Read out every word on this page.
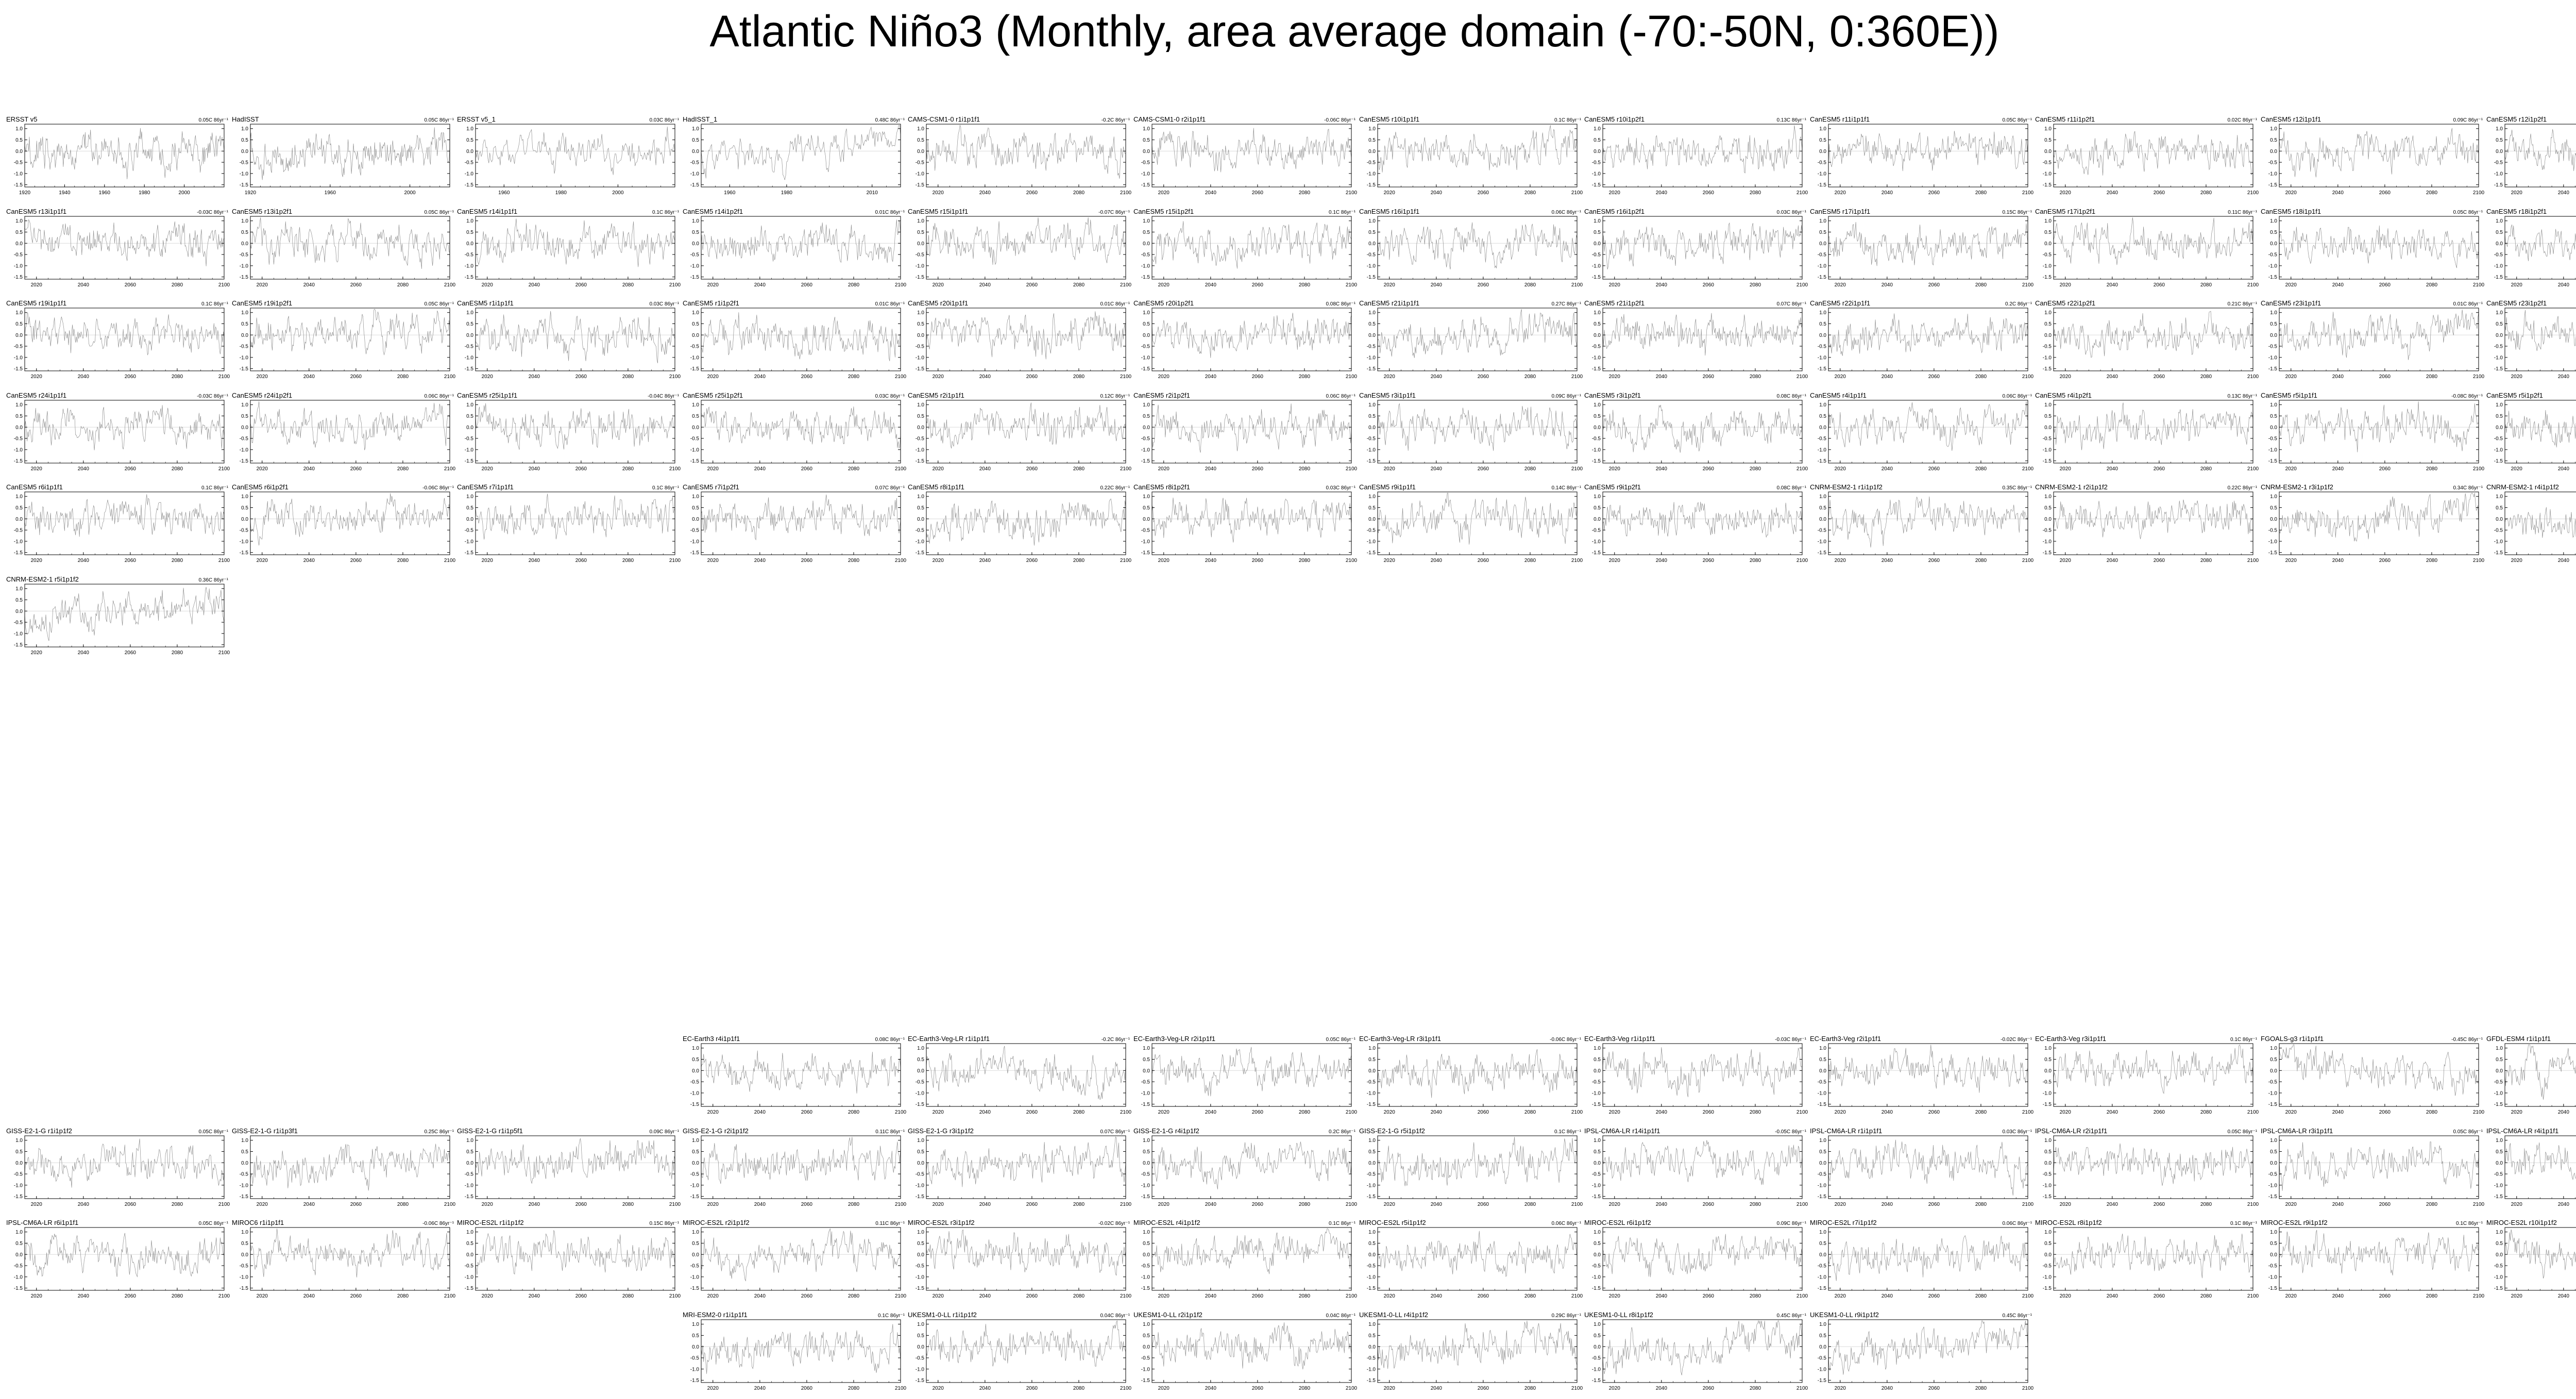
Atlantic Niño3 (Monthly, area average domain (-70:-50N, 0:360E))
ERSST v5	0.05C 86yr⁻¹
1.0
0.5
0.0
-0.5
-1.0
-1.5
1920	1940	1960	1980	2000
HadISST	0.05C 86yr⁻¹
1.0
0.5
0.0
-0.5
-1.0
-1.5
1920	1960	2000
ERSST v5_1	0.03C 86yr⁻¹
1.0
0.5
0.0
-0.5
-1.0
-1.5
1960	1980	2000
HadISST_1	0.48C 86yr⁻¹
1.0
0.5
0.0
-0.5
-1.0
-1.5
1960	1980	2010
CAMS-CSM1-0 r1i1p1f1	-0.2C 86yr⁻¹
1.0
0.5
0.0
-0.5
-1.0
-1.5
2020	2040	2060	2080	2100
CAMS-CSM1-0 r2i1p1f1	-0.06C 86yr⁻¹
1.0
0.5
0.0
-0.5
-1.0
-1.5
2020	2040	2060	2080	2100
CanESM5 r10i1p1f1	0.1C 86yr⁻¹
1.0
0.5
0.0
-0.5
-1.0
-1.5
2020	2040	2060	2080	2100
CanESM5 r10i1p2f1	0.13C 86yr⁻¹
1.0
0.5
0.0
-0.5
-1.0
-1.5
2020	2040	2060	2080	2100
CanESM5 r11i1p1f1	0.05C 86yr⁻¹
1.0
0.5
0.0
-0.5
-1.0
-1.5
2020	2040	2060	2080	2100
CanESM5 r11i1p2f1	0.02C 86yr⁻¹
1.0
0.5
0.0
-0.5
-1.0
-1.5
2020	2040	2060	2080	2100
CanESM5 r12i1p1f1	0.09C 86yr⁻¹
1.0
0.5
0.0
-0.5
-1.0
-1.5
2020	2040	2060	2080	2100
CanESM5 r12i1p2f1
1.0
0.5
0.0
-0.5
-1.0
-1.5
2020	2040
CanESM5 r13i1p1f1	-0.03C 86yr⁻¹
1.0
0.5
0.0
-0.5
-1.0
-1.5
2020	2040	2060	2080	2100
CanESM5 r13i1p2f1	0.05C 86yr⁻¹
1.0
0.5
0.0
-0.5
-1.0
-1.5
2020	2040	2060	2080	2100
CanESM5 r14i1p1f1	0.1C 86yr⁻¹
1.0
0.5
0.0
-0.5
-1.0
-1.5
2020	2040	2060	2080	2100
CanESM5 r14i1p2f1	0.01C 86yr⁻¹
1.0
0.5
0.0
-0.5
-1.0
-1.5
2020	2040	2060	2080	2100
CanESM5 r15i1p1f1	-0.07C 86yr⁻¹
1.0
0.5
0.0
-0.5
-1.0
-1.5
2020	2040	2060	2080	2100
CanESM5 r15i1p2f1	0.1C 86yr⁻¹
1.0
0.5
0.0
-0.5
-1.0
-1.5
2020	2040	2060	2080	2100
CanESM5 r16i1p1f1	0.06C 86yr⁻¹
1.0
0.5
0.0
-0.5
-1.0
-1.5
2020	2040	2060	2080	2100
CanESM5 r16i1p2f1	0.03C 86yr⁻¹
1.0
0.5
0.0
-0.5
-1.0
-1.5
2020	2040	2060	2080	2100
CanESM5 r17i1p1f1	0.15C 86yr⁻¹
1.0
0.5
0.0
-0.5
-1.0
-1.5
2020	2040	2060	2080	2100
CanESM5 r17i1p2f1	0.11C 86yr⁻¹
1.0
0.5
0.0
-0.5
-1.0
-1.5
2020	2040	2060	2080	2100
CanESM5 r18i1p1f1	0.05C 86yr⁻¹
1.0
0.5
0.0
-0.5
-1.0
-1.5
2020	2040	2060	2080	2100
CanESM5 r18i1p2f1
1.0
0.5
0.0
-0.5
-1.0
-1.5
2020	2040
CanESM5 r19i1p1f1	0.1C 86yr⁻¹
1.0
0.5
0.0
-0.5
-1.0
-1.5
2020	2040	2060	2080	2100
CanESM5 r19i1p2f1	0.05C 86yr⁻¹
1.0
0.5
0.0
-0.5
-1.0
-1.5
2020	2040	2060	2080	2100
CanESM5 r1i1p1f1	0.03C 86yr⁻¹
1.0
0.5
0.0
-0.5
-1.0
-1.5
2020	2040	2060	2080	2100
CanESM5 r1i1p2f1	0.01C 86yr⁻¹
1.0
0.5
0.0
-0.5
-1.0
-1.5
2020	2040	2060	2080	2100
CanESM5 r20i1p1f1	0.01C 86yr⁻¹
1.0
0.5
0.0
-0.5
-1.0
-1.5
2020	2040	2060	2080	2100
CanESM5 r20i1p2f1	0.08C 86yr⁻¹
1.0
0.5
0.0
-0.5
-1.0
-1.5
2020	2040	2060	2080	2100
CanESM5 r21i1p1f1	0.27C 86yr⁻¹
1.0
0.5
0.0
-0.5
-1.0
-1.5
2020	2040	2060	2080	2100
CanESM5 r21i1p2f1	0.07C 86yr⁻¹
1.0
0.5
0.0
-0.5
-1.0
-1.5
2020	2040	2060	2080	2100
CanESM5 r22i1p1f1	0.2C 86yr⁻¹
1.0
0.5
0.0
-0.5
-1.0
-1.5
2020	2040	2060	2080	2100
CanESM5 r22i1p2f1	0.21C 86yr⁻¹
1.0
0.5
0.0
-0.5
-1.0
-1.5
2020	2040	2060	2080	2100
CanESM5 r23i1p1f1	0.01C 86yr⁻¹
1.0
0.5
0.0
-0.5
-1.0
-1.5
2020	2040	2060	2080	2100
CanESM5 r23i1p2f1
1.0
0.5
0.0
-0.5
-1.0
-1.5
2020	2040
CanESM5 r24i1p1f1	-0.03C 86yr⁻¹
1.0
0.5
0.0
-0.5
-1.0
-1.5
2020	2040	2060	2080	2100
CanESM5 r24i1p2f1	0.06C 86yr⁻¹
1.0
0.5
0.0
-0.5
-1.0
-1.5
2020	2040	2060	2080	2100
CanESM5 r25i1p1f1	-0.04C 86yr⁻¹
1.0
0.5
0.0
-0.5
-1.0
-1.5
2020	2040	2060	2080	2100
CanESM5 r25i1p2f1	0.03C 86yr⁻¹
1.0
0.5
0.0
-0.5
-1.0
-1.5
2020	2040	2060	2080	2100
CanESM5 r2i1p1f1	0.12C 86yr⁻¹
1.0
0.5
0.0
-0.5
-1.0
-1.5
2020	2040	2060	2080	2100
CanESM5 r2i1p2f1	0.06C 86yr⁻¹
1.0
0.5
0.0
-0.5
-1.0
-1.5
2020	2040	2060	2080	2100
CanESM5 r3i1p1f1	0.09C 86yr⁻¹
1.0
0.5
0.0
-0.5
-1.0
-1.5
2020	2040	2060	2080	2100
CanESM5 r3i1p2f1	0.08C 86yr⁻¹
1.0
0.5
0.0
-0.5
-1.0
-1.5
2020	2040	2060	2080	2100
CanESM5 r4i1p1f1	0.06C 86yr⁻¹
1.0
0.5
0.0
-0.5
-1.0
-1.5
2020	2040	2060	2080	2100
CanESM5 r4i1p2f1	0.13C 86yr⁻¹
1.0
0.5
0.0
-0.5
-1.0
-1.5
2020	2040	2060	2080	2100
CanESM5 r5i1p1f1	-0.08C 86yr⁻¹
1.0
0.5
0.0
-0.5
-1.0
-1.5
2020	2040	2060	2080	2100
CanESM5 r5i1p2f1
1.0
0.5
0.0
-0.5
-1.0
-1.5
2020	2040
CanESM5 r6i1p1f1	0.1C 86yr⁻¹
1.0
0.5
0.0
-0.5
-1.0
-1.5
2020	2040	2060	2080	2100
CanESM5 r6i1p2f1	-0.06C 86yr⁻¹
1.0
0.5
0.0
-0.5
-1.0
-1.5
2020	2040	2060	2080	2100
CanESM5 r7i1p1f1	0.1C 86yr⁻¹
1.0
0.5
0.0
-0.5
-1.0
-1.5
2020	2040	2060	2080	2100
CanESM5 r7i1p2f1	0.07C 86yr⁻¹
1.0
0.5
0.0
-0.5
-1.0
-1.5
2020	2040	2060	2080	2100
CanESM5 r8i1p1f1	0.22C 86yr⁻¹
1.0
0.5
0.0
-0.5
-1.0
-1.5
2020	2040	2060	2080	2100
CanESM5 r8i1p2f1	0.03C 86yr⁻¹
1.0
0.5
0.0
-0.5
-1.0
-1.5
2020	2040	2060	2080	2100
CanESM5 r9i1p1f1	0.14C 86yr⁻¹
1.0
0.5
0.0
-0.5
-1.0
-1.5
2020	2040	2060	2080	2100
CanESM5 r9i1p2f1	0.08C 86yr⁻¹
1.0
0.5
0.0
-0.5
-1.0
-1.5
2020	2040	2060	2080	2100
CNRM-ESM2-1 r1i1p1f2	0.35C 86yr⁻¹
1.0
0.5
0.0
-0.5
-1.0
-1.5
2020	2040	2060	2080	2100
CNRM-ESM2-1 r2i1p1f2	0.22C 86yr⁻¹
1.0
0.5
0.0
-0.5
-1.0
-1.5
2020	2040	2060	2080	2100
CNRM-ESM2-1 r3i1p1f2	0.34C 86yr⁻¹
1.0
0.5
0.0
-0.5
-1.0
-1.5
2020	2040	2060	2080	2100
CNRM-ESM2-1 r4i1p1f2
1.0
0.5
0.0
-0.5
-1.0
-1.5
2020	2040
CNRM-ESM2-1 r5i1p1f2	0.36C 86yr⁻¹
1.0
0.5
0.0
-0.5
-1.0
-1.5
2020	2040	2060	2080	2100
EC-Earth3 r4i1p1f1	0.08C 86yr⁻¹
1.0
0.5
0.0
-0.5
-1.0
-1.5
2020	2040	2060	2080	2100
EC-Earth3-Veg-LR r1i1p1f1	-0.2C 86yr⁻¹
1.0
0.5
0.0
-0.5
-1.0
-1.5
2020	2040	2060	2080	2100
EC-Earth3-Veg-LR r2i1p1f1	0.05C 86yr⁻¹
1.0
0.5
0.0
-0.5
-1.0
-1.5
2020	2040	2060	2080	2100
EC-Earth3-Veg-LR r3i1p1f1	-0.06C 86yr⁻¹
1.0
0.5
0.0
-0.5
-1.0
-1.5
2020	2040	2060	2080	2100
EC-Earth3-Veg r1i1p1f1	-0.03C 86yr⁻¹
1.0
0.5
0.0
-0.5
-1.0
-1.5
2020	2040	2060	2080	2100
EC-Earth3-Veg r2i1p1f1	-0.02C 86yr⁻¹
1.0
0.5
0.0
-0.5
-1.0
-1.5
2020	2040	2060	2080	2100
EC-Earth3-Veg r3i1p1f1	0.1C 86yr⁻¹
1.0
0.5
0.0
-0.5
-1.0
-1.5
2020	2040	2060	2080	2100
FGOALS-g3 r1i1p1f1	-0.45C 86yr⁻¹
1.0
0.5
0.0
-0.5
-1.0
-1.5
2020	2040	2060	2080	2100
GFDL-ESM4 r1i1p1f1
1.0
0.5
0.0
-0.5
-1.0
-1.5
2020	2040
GISS-E2-1-G r1i1p1f2	0.05C 86yr⁻¹
1.0
0.5
0.0
-0.5
-1.0
-1.5
2020	2040	2060	2080	2100
GISS-E2-1-G r1i1p3f1	0.25C 86yr⁻¹
1.0
0.5
0.0
-0.5
-1.0
-1.5
2020	2040	2060	2080	2100
GISS-E2-1-G r1i1p5f1	0.09C 86yr⁻¹
1.0
0.5
0.0
-0.5
-1.0
-1.5
2020	2040	2060	2080	2100
GISS-E2-1-G r2i1p1f2	0.11C 86yr⁻¹
1.0
0.5
0.0
-0.5
-1.0
-1.5
2020	2040	2060	2080	2100
GISS-E2-1-G r3i1p1f2	0.07C 86yr⁻¹
1.0
0.5
0.0
-0.5
-1.0
-1.5
2020	2040	2060	2080	2100
GISS-E2-1-G r4i1p1f2	0.2C 86yr⁻¹
1.0
0.5
0.0
-0.5
-1.0
-1.5
2020	2040	2060	2080	2100
GISS-E2-1-G r5i1p1f2	0.1C 86yr⁻¹
1.0
0.5
0.0
-0.5
-1.0
-1.5
2020	2040	2060	2080	2100
IPSL-CM6A-LR r14i1p1f1	-0.05C 86yr⁻¹
1.0
0.5
0.0
-0.5
-1.0
-1.5
2020	2040	2060	2080	2100
IPSL-CM6A-LR r1i1p1f1	0.03C 86yr⁻¹
1.0
0.5
0.0
-0.5
-1.0
-1.5
2020	2040	2060	2080	2100
IPSL-CM6A-LR r2i1p1f1	0.05C 86yr⁻¹
1.0
0.5
0.0
-0.5
-1.0
-1.5
2020	2040	2060	2080	2100
IPSL-CM6A-LR r3i1p1f1	0.05C 86yr⁻¹
1.0
0.5
0.0
-0.5
-1.0
-1.5
2020	2040	2060	2080	2100
IPSL-CM6A-LR r4i1p1f1
1.0
0.5
0.0
-0.5
-1.0
-1.5
2020	2040
IPSL-CM6A-LR r6i1p1f1	0.05C 86yr⁻¹
1.0
0.5
0.0
-0.5
-1.0
-1.5
2020	2040	2060	2080	2100
MIROC6 r1i1p1f1	-0.06C 86yr⁻¹
1.0
0.5
0.0
-0.5
-1.0
-1.5
2020	2040	2060	2080	2100
MIROC-ES2L r1i1p1f2	0.15C 86yr⁻¹
1.0
0.5
0.0
-0.5
-1.0
-1.5
2020	2040	2060	2080	2100
MIROC-ES2L r2i1p1f2	0.11C 86yr⁻¹
1.0
0.5
0.0
-0.5
-1.0
-1.5
2020	2040	2060	2080	2100
MIROC-ES2L r3i1p1f2	-0.02C 86yr⁻¹
1.0
0.5
0.0
-0.5
-1.0
-1.5
2020	2040	2060	2080	2100
MIROC-ES2L r4i1p1f2	0.1C 86yr⁻¹
1.0
0.5
0.0
-0.5
-1.0
-1.5
2020	2040	2060	2080	2100
MIROC-ES2L r5i1p1f2	0.06C 86yr⁻¹
1.0
0.5
0.0
-0.5
-1.0
-1.5
2020	2040	2060	2080	2100
MIROC-ES2L r6i1p1f2	0.09C 86yr⁻¹
1.0
0.5
0.0
-0.5
-1.0
-1.5
2020	2040	2060	2080	2100
MIROC-ES2L r7i1p1f2	0.06C 86yr⁻¹
1.0
0.5
0.0
-0.5
-1.0
-1.5
2020	2040	2060	2080	2100
MIROC-ES2L r8i1p1f2	0.1C 86yr⁻¹
1.0
0.5
0.0
-0.5
-1.0
-1.5
2020	2040	2060	2080	2100
MIROC-ES2L r9i1p1f2	0.1C 86yr⁻¹
1.0
0.5
0.0
-0.5
-1.0
-1.5
2020	2040	2060	2080	2100
MIROC-ES2L r10i1p1f2
1.0
0.5
0.0
-0.5
-1.0
-1.5
2020	2040
MRI-ESM2-0 r1i1p1f1	0.1C 86yr⁻¹
1.0
0.5
0.0
-0.5
-1.0
-1.5
2020	2040	2060	2080	2100
UKESM1-0-LL r1i1p1f2	0.04C 86yr⁻¹
1.0
0.5
0.0
-0.5
-1.0
-1.5
2020	2040	2060	2080	2100
UKESM1-0-LL r2i1p1f2	0.04C 86yr⁻¹
1.0
0.5
0.0
-0.5
-1.0
-1.5
2020	2040	2060	2080	2100
UKESM1-0-LL r4i1p1f2	0.29C 86yr⁻¹
1.0
0.5
0.0
-0.5
-1.0
-1.5
2020	2040	2060	2080	2100
UKESM1-0-LL r8i1p1f2	0.45C 86yr⁻¹
1.0
0.5
0.0
-0.5
-1.0
-1.5
2020	2040	2060	2080	2100
UKESM1-0-LL r9i1p1f2	0.45C 86yr⁻¹
1.0
0.5
0.0
-0.5
-1.0
-1.5
2020	2040	2060	2080	2100
